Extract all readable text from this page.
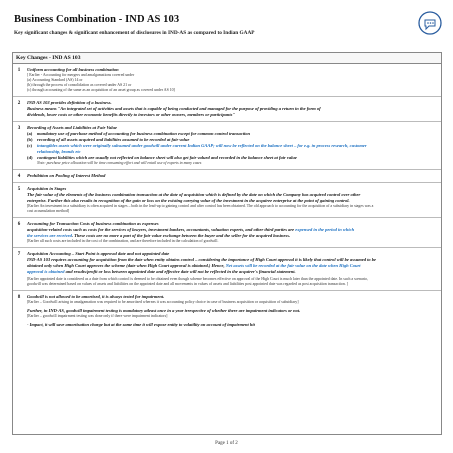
Business Combination - IND AS 103
Key significant changes & significant enhancement of disclosures in IND-AS as compared to Indian GAAP
Key Changes - IND AS 103
1	Uniform accounting for all business combination
[ Earlier - Accounting for mergers and amalgamations covered under
(a) Accounting Standard (AS) 14 or
(b) through the process of consolidation as covered under AS 21 or
(c) through accounting of the same as an acquisition of an asset group as covered under AS 10]
2	IND AS 103 provides definition of a business.
Business means "An integrated set of activities and assets that is capable of being conducted and managed for the purpose of providing a return in the form of
dividends, lower costs or other economic benefits directly to investors or other owners, members or participants"
3	Recording of Assets and Liabilities at Fair Value
(a)	mandatory use of purchase method of accounting for business combination except for common control transaction
(b)	recording of all assets acquired and liabilities assumed to be recorded at fair value
(c)	intangibles assets which were originally subsumed under goodwill under current Indian GAAP; will now be reflected on the balance sheet – for e.g. in process research, customer
relationship, brands etc
(d)	contingent liabilities which are usually not reflected on balance sheet will also get fair valued and recorded in the balance sheet at fair value
Note: purchase price allocation will be time consuming effort and will entail use of experts in many cases
4	Prohibition on Pooling of Interest Method
5	Acquisition in Stages
The fair value of the elements of the business combination transaction at the date of acquisition which is defined by the date on which the Company has acquired control over other
enterprise. Further this also results in recognition of the gain or loss on the existing carrying value of the investment in the acquiree enterprise at the point of gaining control.
[Earlier An investment in a subsidiary is often acquired in stages – both in the lead-up to gaining control and after control has been obtained. The old approach to accounting for the acquisition of a subsidiary in stages was a
cost accumulation method]
6	Accounting for Transaction Costs of business combination as expenses
acquisition-related costs such as costs for the services of lawyers, investment bankers, accountants, valuation experts, and other third parties are expensed in the period in which
the services are received. These costs are no more a part of the fair value exchange between the buyer and the seller for the acquired business.
[Earlier all such costs are included in the cost of the combination, and are therefore included in the calculation of goodwill.
7	Acquisition Accounting – Start Point is approval date and not appointed date
IND-AS 103 requires accounting for acquisition from the date when entity obtains control – considering the importance of High Court approval it is likely that control will be assumed to be
obtained only when High Court approves the scheme (date when High Court approval is obtained.) Hence, Net assets will be recorded at the fair value on the date when High Court
approval is obtained and results/profit or loss between appointed date and effective date will not be reflected in the acquirer's financial statement.
[Earlier appointed date is considered as a date from which control is deemed to be obtained even though scheme becomes effective on approval of the High Court is much later than the appointed date. In such a scenario,
goodwill was determined based on values of assets and liabilities on the appointed date and all movements in values of assets and liabilities post appointed date was regarded as post acquisition transaction. ]
8	Goodwill is not allowed to be amortised, it is always tested for impairment.
[Earlier – Goodwill arising in amalgamation was required to be amortised whereas it was accounting policy choice in case of business acquisition or acquisition of subsidiary]
Further, in IND-AS, goodwill impairment testing is mandatory atleast once in a year irrespective of whether there are impairment indicators or not.
[Earlier – goodwill impairment testing was done only if there were impairment indicators]
- Impact, it will save amortisation charge but at the same time it will expose entity to volatility on account of impairment hit
Page 1 of 2
